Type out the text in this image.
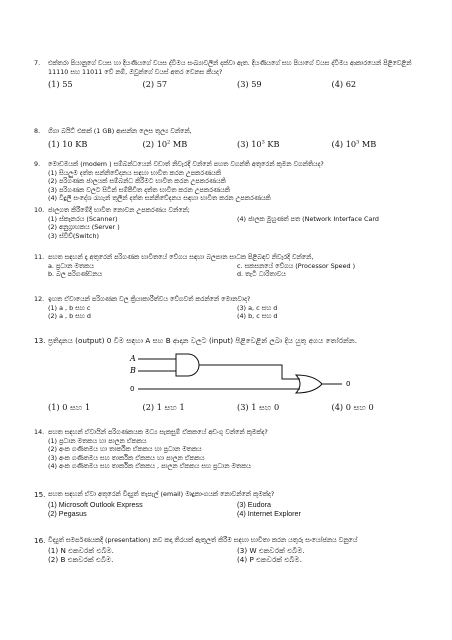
7.	එක්තරා පියානුගේ වයස හා දියණියගේ වයස ද්විමය සංඛ්‍යාවලින් දක්වා ඇත. දියණියගේ සහ පියාගේ වයස ද්විමය ආකාරයෙන් පිළිවෙළින් 11110 සහ 11011 වේ නම්, ඔවුන්ගේ වයස් අතර වෙනස කීයද?
(1) 55	(2) 57	(3) 59	(4) 62
8.	ගිගා බයිට් එකක් (1 GB) ආසන්න ලෙස තුල්‍ය වන්නේ,
(1) 10 KB	(2) $10^2$ MB	(3) $10^3$ KB	(4) $10^3$ MB
9.	මොඩමයක් (modem ) සම්බන්ධයෙන් වඩාත් නිවැරදි වන්නේ පහත වගන්ති අතුරෙන් කුමන වගන්තියද?
(1) සියලුම දත්ත සන්නිවේදනය සඳහා භාවිත කරන උපකරණයකි
(2) පරිගණක ජාලයක් සම්බන්ධ කිරීමට භාවිත කරන උපකරණයකි
(3) පරිගණක වලට සිටින් සම්පීඩිත දත්ත භාවිත කරන උපකරණයකි
(4) විදුලි සංදේශ රැහැන් තුලින් දත්ත සන්නිවේදනය සඳහා භාවිත කරන උපකරණයකි
10. ජාලගත කිරීමේදී භාවිත නොවන උපකරණය වන්නේ;
(1) ස්කෑනරය (Scanner)	(4) ජාලක මුහුණත් පත (Network Interface Card
(2) අනුග්‍රාහකය (Server )
(3) ස්විච්(Switch)
11. පහත සඳහන් දෑ අතුරෙන් පරිගණක භාවිතයේ වේගය සඳහා බලපාන සාධක පිළිබඳව නිවැරදි වන්නේ,
a. ප්‍රධාන මතකය	c. සකසනයේ වේගය (Processor Speed )
b. බල පරිගණ්ඩනය	d. තැටි ධාරිතාවය
12. ඉහත ඒවායෙන් පරිගණක වල ක්‍රියාකාරීත්වය වේගවත් කරන්නේ මොනවාද?
(1) a , b සහ c	(3) a, c සහ d
(2) a , b සහ d	(4) b, c සහ d
13. ප්‍රතිදානය (output) 0 වීම සඳහා A සහ B ආදාන වලට (input) පිළිවෙළින් ලබා දිය යුතු අගය තෝරන්න.
A
B
0
0
(1) 0 සහ 1	(2) 1 සහ 1	(3) 1 සහ 0	(4) 0 සහ 0
14. පහත සඳහන් ඒවායින් පරිගණකයක මධ්‍ය සැකසුම් ඒකකයේ අඩංගු වන්නේ කුමක්ද?
(1) ප්‍රධාන මතකය හා පාලන ඒකකය
(2) අංක ගණිතමය හා තාර්කික ඒකකය හා ප්‍රධාන මතකය
(3) අංක ගණිතමය සහ තාර්කික ඒකකය හා පාලන ඒකකය
(4) අංක ගණිතමය සහ තාර්කික ඒකකය , පාලන ඒකකය සහ ප්‍රධාන මතකය
15. පහත සඳහන් ඒවා අතුරෙන් විද්‍යුත් තැපැල් (email) මෘදුකාංගයක් නොවන්නේ කුමක්ද?
(1) Microsoft Outlook Express	(3) Eudora
(2) Pegasus	(4) Internet Explorer
16. විද්‍යුත් සමර්පණයකදී (presentation) නව කදා තිරයක් ඇතුලත් කිරීම සඳහා භාවිතා කරන යතුරු සංයෝජනය වනුයේ
(1) N එකවරක් එබීම.	(3) W එකවරක් එබීම.
(2) B එකවරක් එබීම.	(4) P එකවරක් එබීම.
